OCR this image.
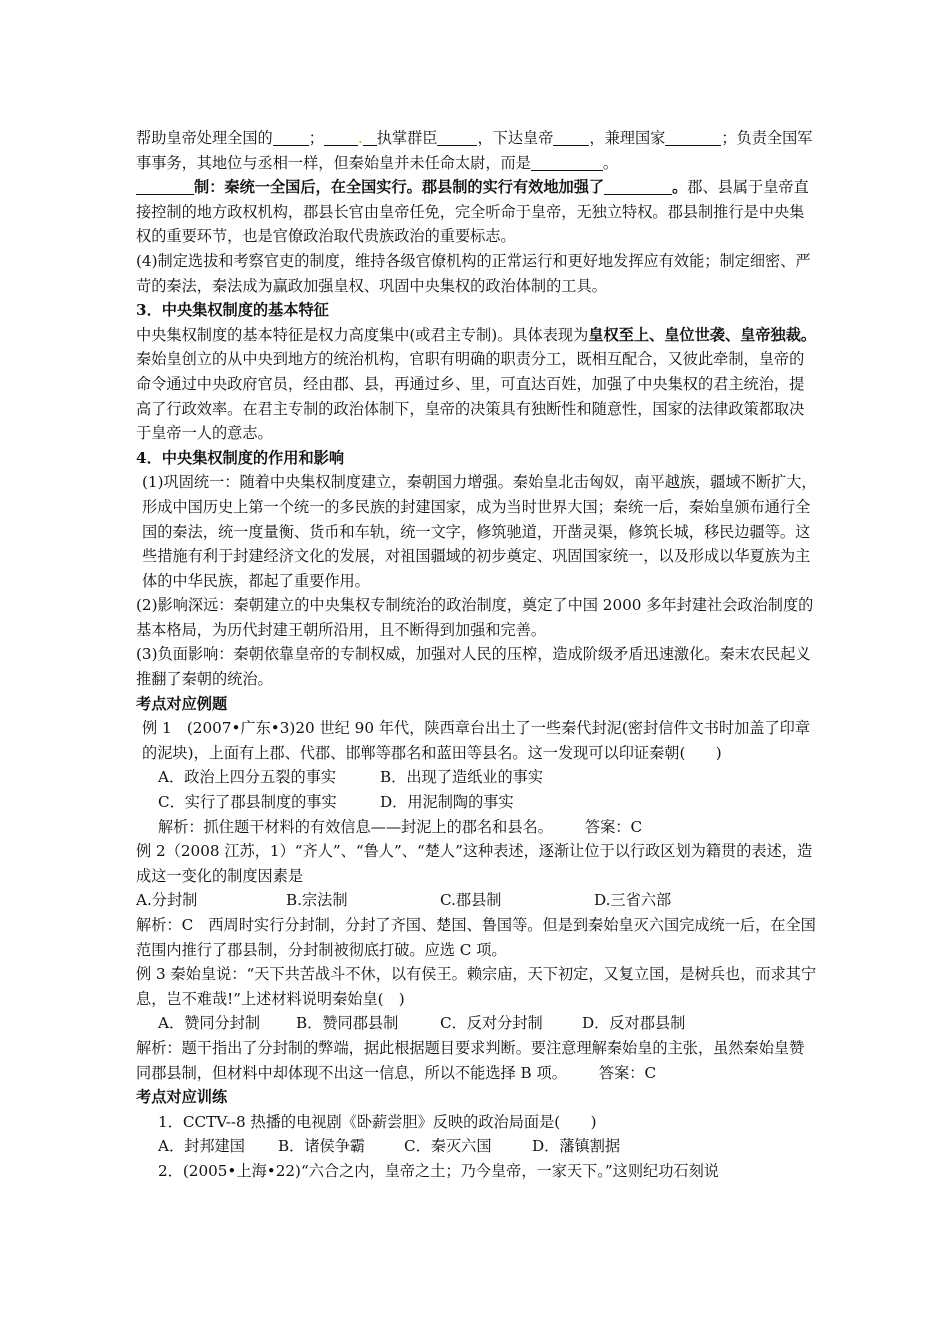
帮助皇帝处理全国的 ； . 执掌群臣	，下达皇帝 ，兼理国家	；负责全国军事事务，其地位与丞相一样，但秦始皇并未任命太尉，而是	。

制：秦统一全国后，在全国实行。郡县制的实行有效地加强了	。郡、县属于皇帝直接控制的地方政权机构，郡县长官由皇帝任免，完全听命于皇帝，无独立特权。郡县制推行是中央集权的重要环节，也是官僚政治取代贵族政治的重要标志。

(4)制定选拔和考察官吏的制度，维持各级官僚机构的正常运行和更好地发挥应有效能；制定细密、严苛的秦法，秦法成为赢政加强皇权、巩固中央集权的政治体制的工具。

3．中央集权制度的基本特征

中央集权制度的基本特征是权力高度集中(或君主专制)。具体表现为皇权至上、皇位世袭、皇帝独裁。秦始皇创立的从中央到地方的统治机构，官职有明确的职责分工，既相互配合，又彼此牵制，皇帝的命令通过中央政府官员，经由郡、县，再通过乡、里，可直达百姓，加强了中央集权的君主统治，提高了行政效率。在君主专制的政治体制下，皇帝的决策具有独断性和随意性，国家的法律政策都取决于皇帝一人的意志。

4．中央集权制度的作用和影响

(1)巩固统一：随着中央集权制度建立，秦朝国力增强。秦始皇北击匈奴，南平越族，疆域不断扩大，形成中国历史上第一个统一的多民族的封建国家，成为当时世界大国；秦统一后，秦始皇颁布通行全国的秦法，统一度量衡、货币和车轨，统一文字，修筑驰道，开凿灵渠，修筑长城，移民边疆等。这些措施有利于封建经济文化的发展，对祖国疆域的初步奠定、巩固国家统一，以及形成以华夏族为主体的中华民族，都起了重要作用。

(2)影响深远：秦朝建立的中央集权专制统治的政治制度，奠定了中国 2000 多年封建社会政治制度的基本格局，为历代封建王朝所沿用，且不断得到加强和完善。

(3)负面影响：秦朝依靠皇帝的专制权威，加强对人民的压榨，造成阶级矛盾迅速激化。秦末农民起义推翻了秦朝的统治。

考点对应例题

例 1　(2007•广东•3)20 世纪 90 年代，陕西章台出土了一些秦代封泥(密封信件文书时加盖了印章的泥块)，上面有上郡、代郡、邯郸等郡名和蓝田等县名。这一发现可以印证秦朝(　　)

A．政治上四分五裂的事实	B．出现了造纸业的事实

C．实行了郡县制度的事实	D．用泥制陶的事实

解析：抓住题干材料的有效信息——封泥上的郡名和县名。 答案：C

例 2（2008 江苏，1）“齐人”、“鲁人”、“楚人”这种表述，逐渐让位于以行政区划为籍贯的表述，造成这一变化的制度因素是

A.分封制	B.宗法制	C.郡县制	D.三省六部

解析：C　西周时实行分封制，分封了齐国、楚国、鲁国等。但是到秦始皇灭六国完成统一后，在全国范围内推行了郡县制，分封制被彻底打破。应选 C 项。

例 3 秦始皇说：“天下共苦战斗不休，以有侯王。赖宗庙，天下初定，又复立国，是树兵也，而求其宁息，岂不难哉!”上述材料说明秦始皇(　)

A．赞同分封制 B．赞同郡县制	C．反对分封制	D．反对郡县制

解析：题干指出了分封制的弊端，据此根据题目要求判断。要注意理解秦始皇的主张，虽然秦始皇赞同郡县制，但材料中却体现不出这一信息，所以不能选择 B 项。 答案：C

考点对应训练

1．CCTV--8 热播的电视剧《卧薪尝胆》反映的政治局面是(　　)

A．封邦建国 B．诸侯争霸	C．秦灭六国	D．藩镇割据

2．(2005•上海•22)“六合之内，皇帝之土；乃今皇帝，一家天下。”这则纪功石刻说
